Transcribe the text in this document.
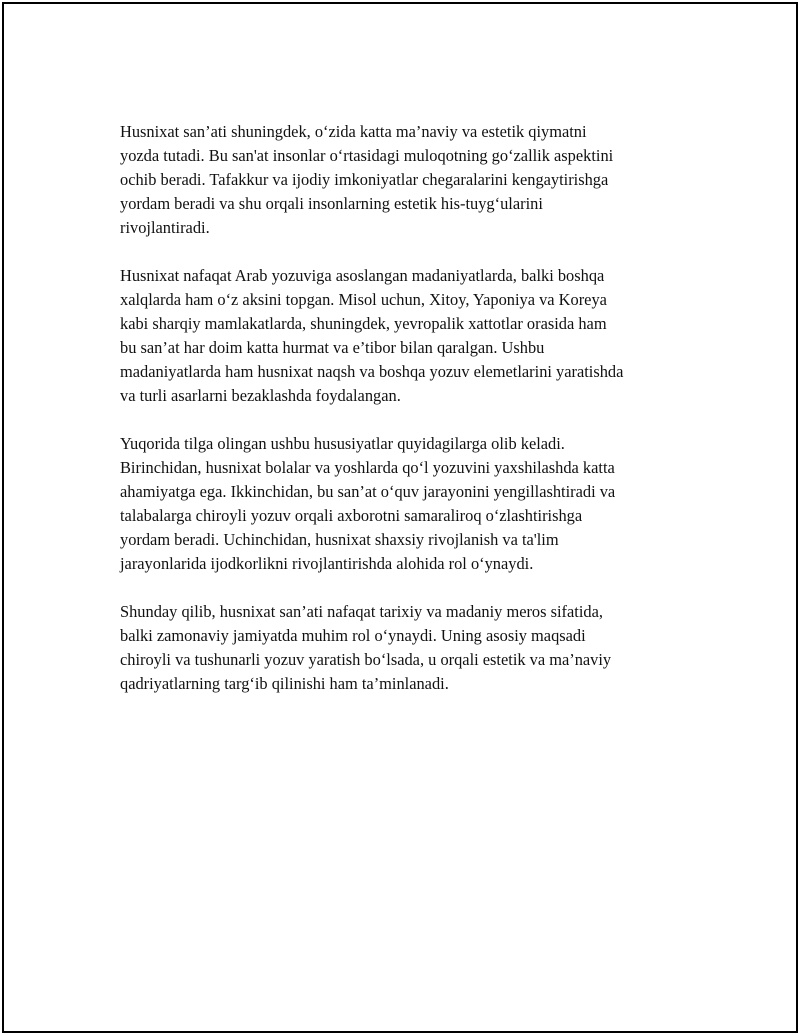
Husnixat san’ati shuningdek, oʻzida katta ma’naviy va estetik qiymatni
yozda tutadi. Bu san'at insonlar oʻrtasidagi muloqotning goʻzallik aspektini
ochib beradi. Tafakkur va ijodiy imkoniyatlar chegaralarini kengaytirishga
yordam beradi va shu orqali insonlarning estetik his-tuygʻularini
rivojlantiradi.

Husnixat nafaqat Arab yozuviga asoslangan madaniyatlarda, balki boshqa
xalqlarda ham oʻz aksini topgan. Misol uchun, Xitoy, Yaponiya va Koreya
kabi sharqiy mamlakatlarda, shuningdek, yevropalik xattotlar orasida ham
bu san’at har doim katta hurmat va e’tibor bilan qaralgan. Ushbu
madaniyatlarda ham husnixat naqsh va boshqa yozuv elemetlarini yaratishda
va turli asarlarni bezaklashda foydalangan.

Yuqorida tilga olingan ushbu hususiyatlar quyidagilarga olib keladi.
Birinchidan, husnixat bolalar va yoshlarda qoʻl yozuvini yaxshilashda katta
ahamiyatga ega. Ikkinchidan, bu san’at oʻquv jarayonini yengillashtiradi va
talabalarga chiroyli yozuv orqali axborotni samaraliroq oʻzlashtirishga
yordam beradi. Uchinchidan, husnixat shaxsiy rivojlanish va ta'lim
jarayonlarida ijodkorlikni rivojlantirishda alohida rol oʻynaydi.

Shunday qilib, husnixat san’ati nafaqat tarixiy va madaniy meros sifatida,
balki zamonaviy jamiyatda muhim rol oʻynaydi. Uning asosiy maqsadi
chiroyli va tushunarli yozuv yaratish boʻlsada, u orqali estetik va ma’naviy
qadriyatlarning targʻib qilinishi ham ta’minlanadi.
